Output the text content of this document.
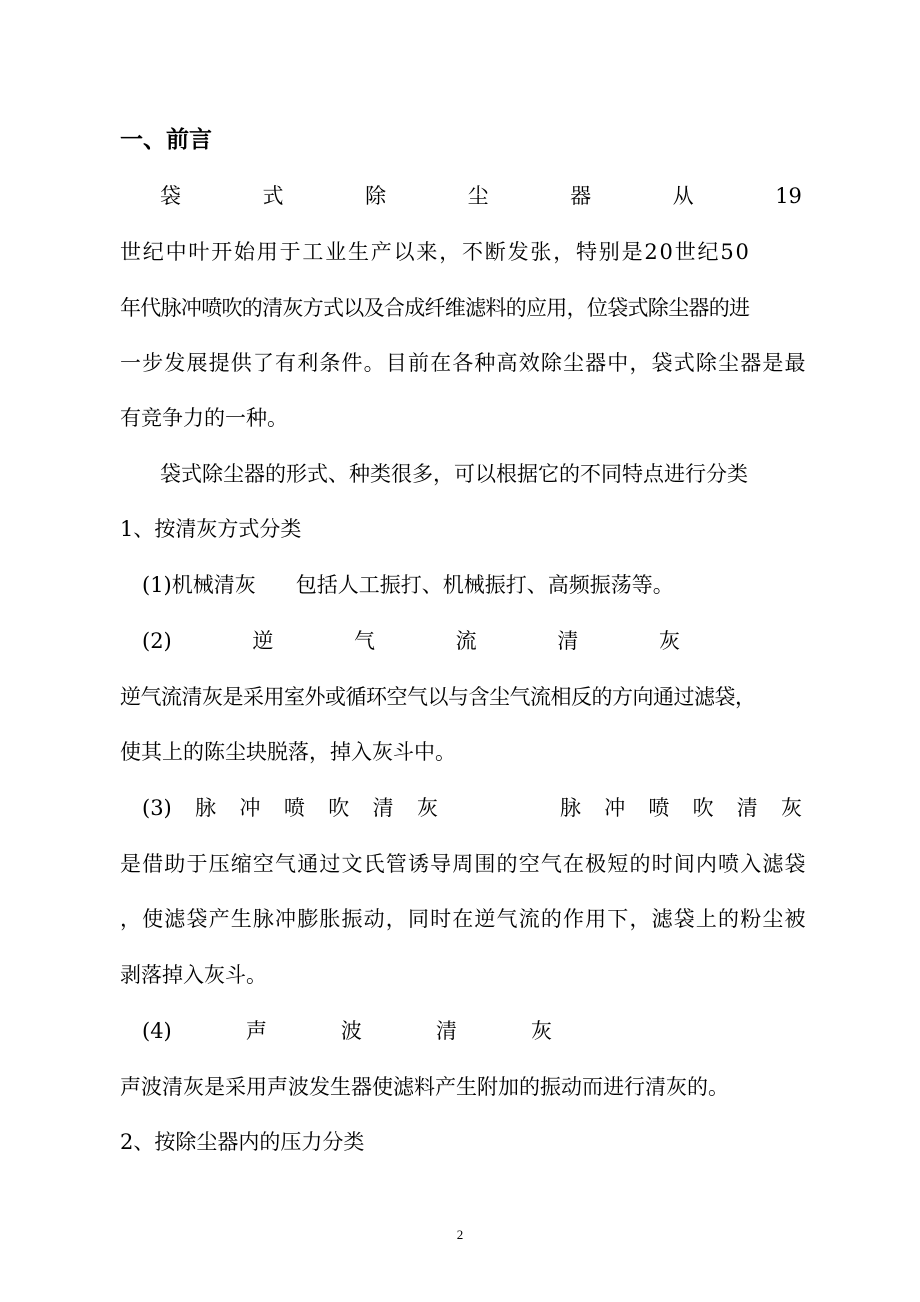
一、前言
袋	式	除	尘	器	从	19
世纪中叶开始用于工业生产以来，不断发张，特别是20世纪50
年代脉冲喷吹的清灰方式以及合成纤维滤料的应用，位袋式除尘器的进
一步发展提供了有利条件。目前在各种高效除尘器中，袋式除尘器是最
有竞争力的一种。
袋式除尘器的形式、种类很多，可以根据它的不同特点进行分类
1、按清灰方式分类
(1)机械清灰 包括人工振打、机械振打、高频振荡等。
(2)	逆	气	流	清	灰
逆气流清灰是采用室外或循环空气以与含尘气流相反的方向通过滤袋，
使其上的陈尘块脱落，掉入灰斗中。
(3) 脉 冲 喷 吹 清 灰	脉 冲 喷 吹 清 灰
是借助于压缩空气通过文氏管诱导周围的空气在极短的时间内喷入滤袋
，使滤袋产生脉冲膨胀振动，同时在逆气流的作用下，滤袋上的粉尘被
剥落掉入灰斗。
(4)	声	波	清	灰
声波清灰是采用声波发生器使滤料产生附加的振动而进行清灰的。
2、按除尘器内的压力分类
2
